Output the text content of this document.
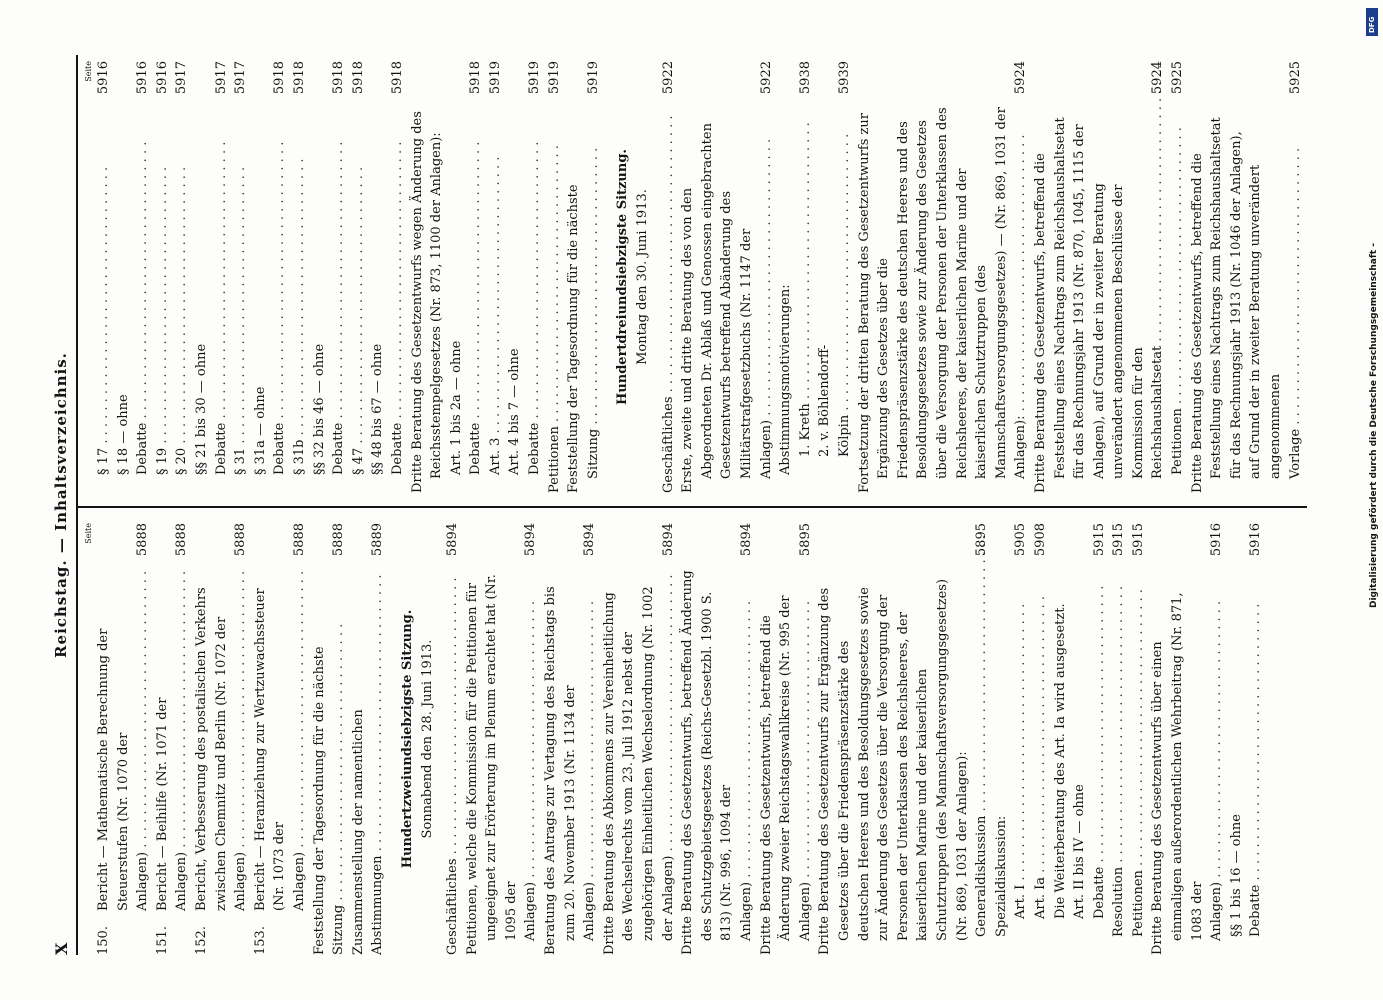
X
Reichstag. — Inhaltsverzeichnis. Seite
150.
Bericht — Mathematische Berechnung der Steuerstufen (Nr. 1070 der Anlagen) . . .
5888
151.
Bericht — Beihilfe (Nr. 1071 der Anlagen) . . .
5888
152.
Bericht, Verbesserung des postalischen Verkehrs zwischen Chemnitz und Berlin (Nr. 1072 der Anlagen) . . .
5888
153.
Bericht — Heranziehung zur Wertzuwachssteuer (Nr. 1073 der Anlagen) . . .
5888
Feststellung der Tagesordnung für die nächste Sitzung . . .
5888
Zusammenstellung der namentlichen Abstimmungen . . .
5889
Hundertzweiundsiebzigste Sitzung. Sonnabend den 28. Juni 1913.
Geschäftliches . . .
5894
Petitionen, welche die Kommission für die Petitionen für ungeeignet zur Erörterung im Plenum erachtet hat (Nr. 1095 der Anlagen) . . .
5894
Beratung des Antrags zur Vertagung des Reichstags bis zum 20. November 1913 (Nr. 1134 der Anlagen) . . .
5894
Dritte Beratung des Abkommens zur Vereinheitlichung des Wechselrechts vom 23. Juli 1912 nebst der zugehörigen Einheitlichen Wechselordnung (Nr. 1002 der Anlagen) . . .
5894
Dritte Beratung des Gesetzentwurfs, betreffend Änderung des Schutzgebietsgesetzes (Reichs-Gesetzbl. 1900 S. 813) (Nr. 996, 1094 der Anlagen) . . .
5894
Dritte Beratung des Gesetzentwurfs, betreffend die Änderung zweier Reichstagswahlkreise (Nr. 995 der Anlagen) . . .
5895
Dritte Beratung des Gesetzentwurfs zur Ergänzung des Gesetzes über die Friedenspräsenzstärke des deutschen Heeres und des Besoldungsgesetzes sowie zur Änderung des Gesetzes über die Versorgung der Personen der Unterklassen des Reichsheeres, der kaiserlichen Marine und der kaiserlichen Schutztruppen (des Mannschaftsversorgungsgesetzes) (Nr. 869, 1031 der Anlagen): Generaldiskussion . . .
5895
Spezialdiskussion: Art. I . . .
5905
Art. Ia . . .
5908
Die Weiterberatung des Art. Ia wird ausgesetzt. Art. II bis IV — ohne Debatte . . .
5915
Resolution . . .
5915
Petitionen . . .
5915
Dritte Beratung des Gesetzentwurfs über einen einmaligen außerordentlichen Wehrbeitrag (Nr. 871, 1083 der Anlagen) . . .
5916
§§ 1 bis 16 — ohne Debatte . . .
5916
Seite
§ 17 . . .
5916
§ 18 — ohne Debatte . . .
5916
§ 19 . . .
5916
§ 20 . . .
5917
§§ 21 bis 30 — ohne Debatte . . .
5917
§ 31 . . .
5917
§ 31a — ohne Debatte . . .
5918
§ 31b . . .
5918
§§ 32 bis 46 — ohne Debatte . . .
5918
§ 47 . . .
5918
§§ 48 bis 67 — ohne Debatte . . .
5918
Dritte Beratung des Gesetzentwurfs wegen Änderung des Reichsstempelgesetzes (Nr. 873, 1100 der Anlagen): Art. 1 bis 2a — ohne Debatte . . .
5918
Art. 3 . . .
5919
Art. 4 bis 7 — ohne Debatte . . .
5919
Petitionen . . .
5919
Feststellung der Tagesordnung für die nächste Sitzung . . .
5919
Hundertdreiundsiebzigste Sitzung. Montag den 30. Juni 1913.
Geschäftliches . . .
5922
Erste, zweite und dritte Beratung des von den Abgeordneten Dr. Ablaß und Genossen eingebrachten Gesetzentwurfs betreffend Abänderung des Militärstrafgesetzbuchs (Nr. 1147 der Anlagen) . . .
5922
Abstimmungsmotivierungen: 1. Kreth . . .
5938
2. v. Böhlendorff-Kölpin . . .
5939
Fortsetzung der dritten Beratung des Gesetzentwurfs zur Ergänzung des Gesetzes über die Friedenspräsenzstärke des deutschen Heeres und des Besoldungsgesetzes sowie zur Änderung des Gesetzes über die Versorgung der Personen der Unterklassen des Reichsheeres, der kaiserlichen Marine und der kaiserlichen Schutztruppen (des Mannschaftsversorgungsgesetzes) — (Nr. 869, 1031 der Anlagen): . . .
5924
Dritte Beratung des Gesetzentwurfs, betreffend die Feststellung eines Nachtrags zum Reichshaushaltsetat für das Rechnungsjahr 1913 (Nr. 870, 1045, 1115 der Anlagen), auf Grund der in zweiter Beratung unverändert angenommenen Beschlüsse der Kommission für den Reichshaushaltsetat . . .
5924
Petitionen . . .
5925
Dritte Beratung des Gesetzentwurfs, betreffend die Feststellung eines Nachtrags zum Reichshaushaltsetat für das Rechnungsjahr 1913 (Nr. 1046 der Anlagen), auf Grund der in zweiter Beratung unverändert angenommenen Vorlage . . .
5925
Digitalisierung gefördert durch die Deutsche Forschungsgemeinschaft -
DFG
